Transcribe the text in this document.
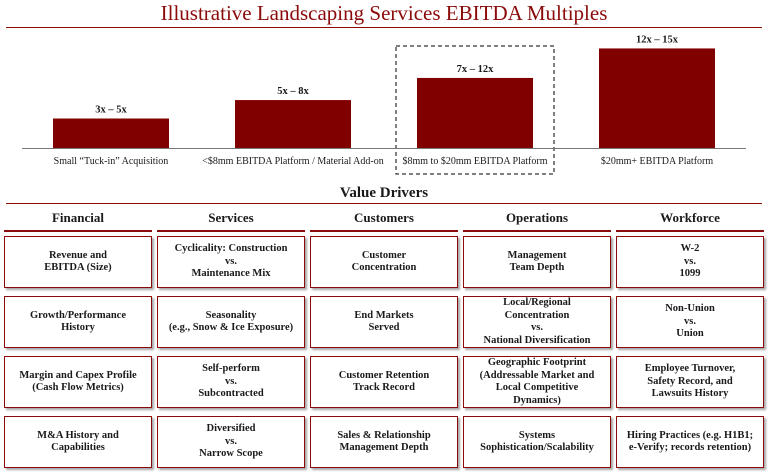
Illustrative Landscaping Services EBITDA Multiples
3x – 5x
Small “Tuck-in” Acquisition
5x – 8x
<$8mm EBITDA Platform / Material Add-on
7x – 12x
$8mm to $20mm EBITDA Platform
12x – 15x
$20mm+ EBITDA Platform
Value Drivers
Financial
Revenue and
EBITDA (Size)
Growth/Performance
History
Margin and Capex Profile
(Cash Flow Metrics)
M&A History and
Capabilities
Services
Cyclicality: Construction
vs.
Maintenance Mix
Seasonality
(e.g., Snow & Ice Exposure)
Self-perform
vs.
Subcontracted
Diversified
vs.
Narrow Scope
Customers
Customer
Concentration
End Markets
Served
Customer Retention
Track Record
Sales & Relationship
Management Depth
Operations
Management
Team Depth
Local/Regional
Concentration
vs.
National Diversification
Geographic Footprint
(Addressable Market and
Local Competitive
Dynamics)
Systems
Sophistication/Scalability
Workforce
W-2
vs.
1099
Non-Union
vs.
Union
Employee Turnover,
Safety Record, and
Lawsuits History
Hiring Practices (e.g. H1B1;
e-Verify; records retention)
